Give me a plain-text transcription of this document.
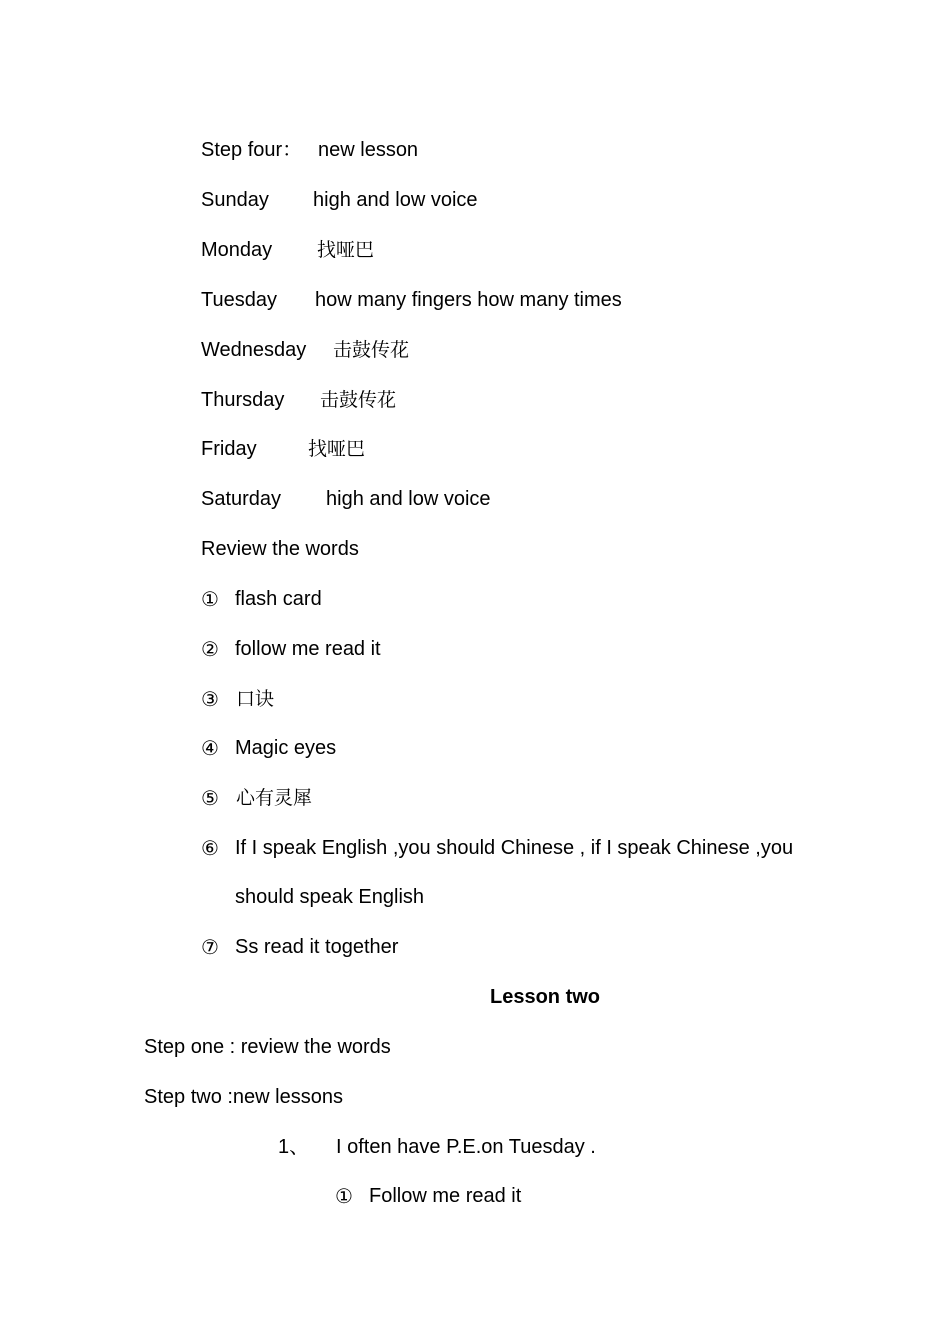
Step four： new lesson
Sunday high and low voice
Monday 找哑巴
Tuesday how many fingers how many times
Wednesday 击鼓传花
Thursday 击鼓传花
Friday	找哑巴
Saturday high and low voice
Review the words
① flash card
② follow me read it
③ 口诀
④ Magic eyes
⑤ 心有灵犀
⑥ If I speak English ,you should Chinese , if I speak Chinese ,you
should speak English
⑦ Ss read it together
Lesson two
Step one : review the words
Step two :new lessons
1、 I often have P.E.on Tuesday .
① Follow me read it
